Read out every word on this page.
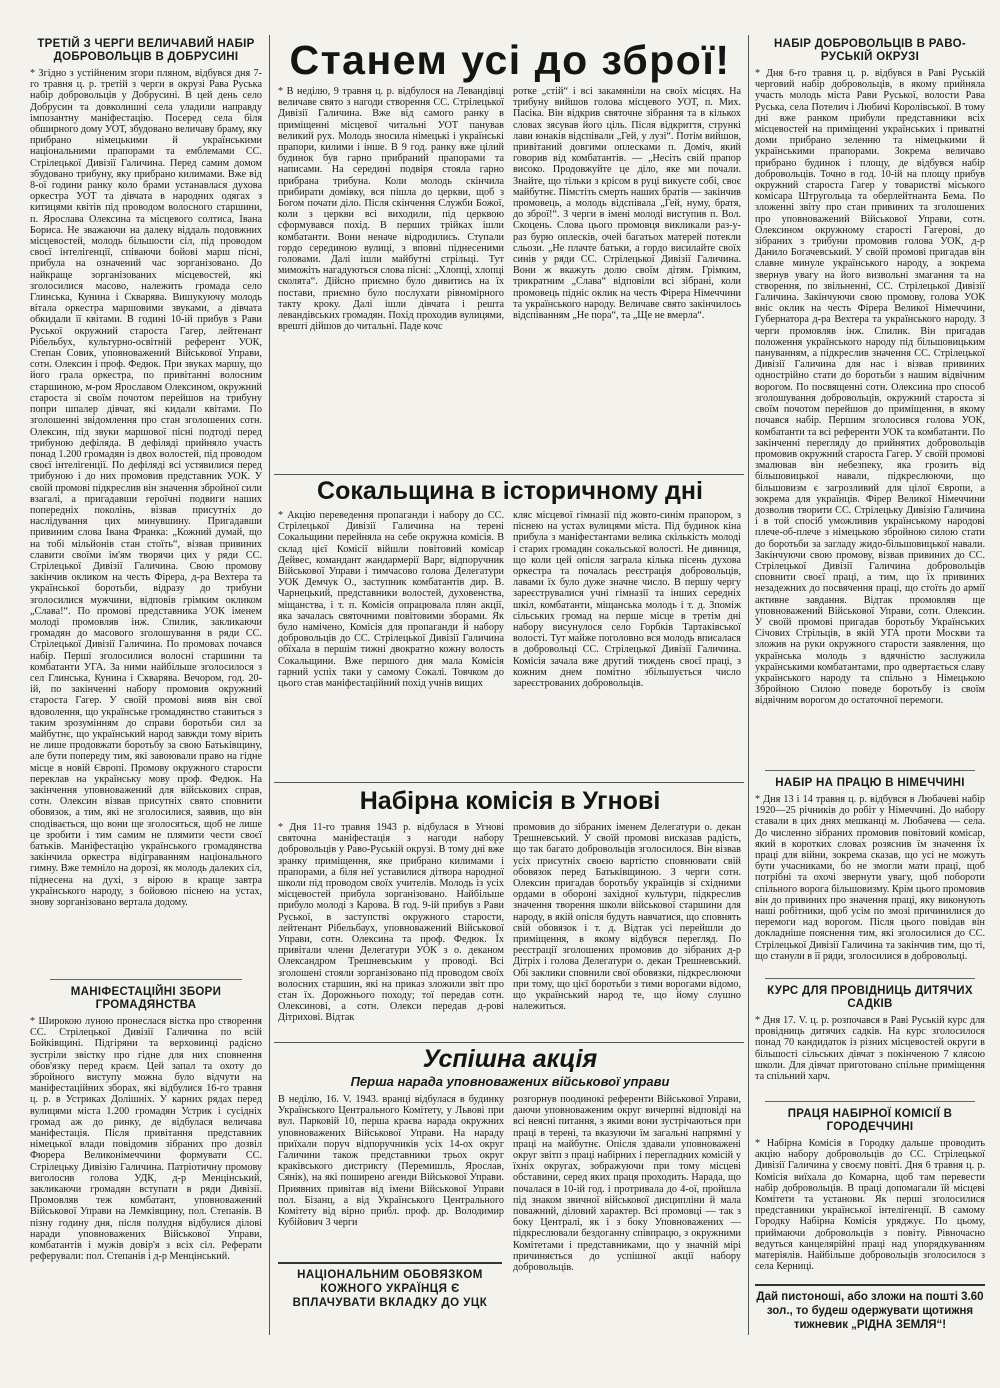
ТРЕТІЙ З ЧЕРГИ ВЕЛИЧАВИЙ НАБІР ДОБРОВОЛЬЦІВ В ДОБРУСИНІ

* Згідно з устійненим згори пляном, відбувся дня 7-го травня ц. р. третій з черги в окрузі Рава Руська набір добровольців у Добрусині. В цей день село Добрусин та довколишні села уладили направду імпозантну маніфестацію. Посеред села біля обширного дому УОТ, збудовано величаву браму, яку прибрано німецькими й українськими національними прапорами та емблемами СС. Стрілецької Дивізії Галичина. Перед самим домом збудовано трибуну, яку прибрано килимами. Вже від 8-ої години ранку коло брами устанавлася духова оркестра УОТ та дівчата в народних одягах з китицями квітів під проводом волосного старшини, п. Ярослава Олексина та місцевого солтиса, Івана Бориса. Не зважаючи на далеку віддаль подовжних місцевостей, молодь більшости сіл, під проводом своєї інтелігенції, співаючи бойові марш пісні, прибула на означений час зорганізовано. До найкраще зорганізованих місцевостей, які зголосилися масово, належить громада село Глинська, Кунина і Скварява. Вишукуючу молодь вітала оркестра маршовими звуками, а дівчата обкидали її квітами. В годині 10-ій прибув з Рави Руської окружний старостa Гагер, лейтенант Рібельбух, культурно-освітній референт УОК, Степан Совик, уповноважений Військової Управи, сотн. Олексин і проф. Федюк. При звуках маршу, що його грала оркестра, по привітанні волосним старшиною, м-ром Ярославом Олексином, окружний староста зі своїм почотом перейшов на трибуну попри шпалер дівчат, які кидали квітами. По зголошенні звідомлення про стан зголошених сотн. Олексин, під звуки маршової пісні подтоді перед трибуною дефіляда. В дефіляді прийняло участь понад 1.200 громадян із двох волостей, під проводом своєї інтелігенції. По дефіляді всі устявилися перед трибуною і до них промовив представник УОК. У своїй промові підкреслив він значення збройної сили взагалі, а пригадавши героїчні подвиги наших попередніх поколінь, візвав присутніх до наслідування цих минувшину. Пригадавши привиним слова Івана Франка: „Кожний думай, що на тобі мільйонів стан стоїть“, візвав привиних славити своїми ім'ям творячи цих у ряди СС. Стрілецької Дивізії Галичина. Свою промову закінчив окликом на честь Фірера, д-ра Вехтера та української боротьби, відразу до трибуни зголосилися мужчини, відповів грімким окликом „Слава!“. По промові представника УОК іменем молоді промовляв інж. Спилик, закликаючи громадян до масового зголошування в ряди СС. Стрілецької Дивізії Галичина. По промовах почався набір. Перші зголосилися волосні старшини та комбатанти УГА. За ними найбільше зголосилося з сел Глинська, Кунина і Скварява. Вечором, год. 20-ій, по закінченні набору промовив окружний староста Гагер. У своїй промові вияв він свої вдоволення, що українське громадянство ставиться з таким зрозумінням до справи боротьби сил за майбутнє, що український народ завжди тому вірить не лише продовжати боротьбу за свою Батьківщину, але бути попереду тим, які завоювали право на гідне місце в новій Європі. Промову окружного старости переклав на українську мову проф. Федюк. На закінчення уповноважений для військових справ, сотн. Олексин візвав присутніх свято сповнити обовязок, а тим, які не зголосилися, заявив, що він сподівається, що вони ще зголосяться, щоб не лише це зробити і тим самим не плямити чести своєї батьків. Маніфестацію українського громадянства закінчила оркестра відіграванням національного гимну. Вже темніло на дорозі, як молодь далеких сіл, піднесена на духі, з вірою в краще завтра українського народу, з бойовою піснею на устах, знову зорганізовано вертала додому.

МАНІФЕСТАЦІЙНІ ЗБОРИ ГРОМАДЯНСТВА

* Широкою луною пронеслася вістка про створення СС. Стрілецької Дивізії Галичина по всій Бойківщині. Підгіряни та верховинці радісно зустріли звістку про гідне для них сповнення обов'язку перед краєм. Цей запал та охоту до збройного виступу можна було відчути на маніфестаційних зборах, які відбулися 16-го травня ц. р. в Устриках Долішніх. У карних рядах перед вулицями міста 1.200 громадян Устрик і сусідніх громад аж до ринку, де відбулася величава маніфестація. Після привітання представник німецької влади повідомив зібраних про дозвіл Фюрера Великонімеччини формувати СС. Стрілецьку Дивізію Галичина. Патріотичну промову виголосив голова УДК, д-р Менцінський, закликаючи громадян вступати в ряди Дивізії. Промовляв теж комбатант, уповноважений Військової Управи на Лемківщину, пол. Степанів. В пізну годину дня, після полудня відбулися ділові наради уповноважених Військової Управи, комбатантів і мужів довір'я з всіх сіл. Реферати реферували: пол. Степанів і д-р Менцінський.

Станем усі до зброї!

* В неділю, 9 травня ц. р. відбулося на Левандівці величаве свято з нагоди створення СС. Стрілецької Дивізії Галичина. Вже від самого ранку в приміщенні місцевої читальні УОТ панував великий рух. Молодь зносила німецькі і українські прапори, килими і інше. В 9 год. ранку вже цілий будинок був гарно прибраний прапорами та написами. На середині подвіря стояла гарно прибрана трибуна. Коли молодь скінчила прибирати домівку, вся пішла до церкви, щоб з Богом почати діло. Після скінчення Служби Божої, коли з церкви всі виходили, під церквою сформувався похід. В перших трійках ішли комбатанти. Вони неначе відродились. Ступали гордо серединою вулиці, з вповні піднесеними головами. Далі ішли майбутні стрільці. Тут миможіть нагадуються слова пісні: „Хлопці, хлопці сколята“. Дійсно приємно було дивитись на їх постави, приємно було послухати рівномірного такту кроку. Далі ішли дівчата і решта левандівських громадян. Похід проходив вулицями, врешті дійшов до читальні. Паде кочс

ротке „стій“ і всі закамяніли на своїх місцях. На трибуну вийшов голова місцевого УОТ, п. Мих. Пасіка. Він відкрив святочне зібрання та в кількох словах зясував його ціль. Після відкриття, стрункі лави юнаків відспівали „Гей, у лузі“. Потім вийшов, привітаний довгими оплесками п. Доміч, який говорив від комбатантів. — „Несіть свій прапор високо. Продовжуйте це діло, яке ми почали. Знайте, що тільки з крісом в руці викуєте собі, своє майбутнє. Пімстіть смерть наших братів — закінчив промовець, а молодь відспівала „Гей, нуму, братя, до зброї!“. З черги в імені молоді виступив п. Вол. Скоцень. Слова цього промовця викликали раз-у-раз бурю оплесків, очей багатьох матерей потекли сльози. „Не плачте батьки, а гордо висилайте своїх синів у ряди СС. Стрілецької Дивізії Галичина. Вони ж вкажуть долю своїм дітям. Грімким, трикратним „Слава“ відповіли всі зібрані, коли промовець підніс оклик на честь Фірера Німеччини та українського народу. Величаве свято закінчилось відспіванням „Не пора“, та „Ще не вмерла“.

Сокальщина в історичному дні

* Акцію переведення пропаганди і набору до СС. Стрілецької Дивізії Галичина на терені Сокальщини перейняла на себе окружна комісія. В склад цієї Комісії війшли повітовий комісар Дейвес, командант жандармерії Варг, відпоручник Військової Управи і тимчасово голова Делегатури УОК Демчук О., заступник комбатантів дир. В. Чарнецький, представники волостей, духовенства, міщанства, і т. п. Комісія опрацювала плян акції, яка зачалась святочними повітовими зборами. Як було намічено, Комісія для пропаганди й набору добровольців до СС. Стрілецької Дивізії Галичина обїхала в першім тижні двократно кожну волость Сокальщини. Вже першого дня мала Комісія гарний успіх таки у самому Сокалі. Товчком до цього став маніфестаційний похід учнів вищих

кляс місцевої гімназії під жовто-синім прапором, з піснею на устах вулицями міста. Під будинок кіна прибула з маніфестантами велика скількість молоді і старих громадян сокальської волості. Не дивниця, що коли цей опісля заграла кілька пісень духова оркестра та почалась реєстрація добровольців, лавами їх було дуже значне число. В першу чергу зареєструвалися учні гімназії та інших середніх шкіл, комбатанти, міщанська молодь і т. д. Зпоміж сільських громад на перше місце в третім дні набору висунулося село Горбків Тартаківської волості. Тут майже поголовно вся молодь вписалася в добровольці СС. Стрілецької Дивізії Галичина. Комісія зачала вже другий тиждень своєї праці, з кожним днем помітно збільшується число зареєстрованих добровольців.

Набірна комісія в Угнові

* Дня 11-го травня 1943 р. відбулася в Угнові святочна маніфестація з нагоди набору добровольців у Раво-Руській окрузі. В тому дні вже зранку приміщення, яке прибрано килимами і прапорами, а біля неї уставилися дітвора народної школи під проводом своїх учителів. Молодь із усіх місцевостей прибула зорганізовано. Найбільше прибуло молоді з Карова. В год. 9-ій прибув з Рави Руської, в заступстві окружного старости, лейтенант Рібельбаух, уповноважений Військової Управи, сотн. Олексина та проф. Федюк. Їх привітали члени Делегатури УОК з о. деканом Олександром Трешневським у проводі. Всі зголошені стояли зорганізовано під проводом своїх волосних старшин, які на приказ зложили звіт про стан їх. Дорожнього походу; тої передав сотн. Олексинові, а сотн. Олекси передав д-рові Дітрихові. Відтак

промовив до зібраних іменем Делегатури о. декан Трешневський. У своїй промові висказав радість, що так багато добровольців зголосилося. Він візвав усіх присутніх своєю вартістю сповнювати свій обовязок перед Батьківщиною. З черги сотн. Олексин пригадав боротьбу українців зі східними ордами в обороні західної культури, підкреслив значення творення школи військової старшини для народу, в якій опісля будуть навчатися, що сповнять свій обовязок і т. д. Відтак усі перейшли до приміщення, в якому відбувся перегляд. По реєстрації зголошених промовив до зібраних д-р Дітріх і голова Делегатури о. декан Трешневський. Обі заклики сповнили свої обовязки, підкреслюючи при тому, що цієї боротьби з тими ворогами відомо, що український народ те, що йому слушно належиться.

Успішна акція
Перша нарада уповноважених військової управи

В неділю, 16. V. 1943. вранці відбулася в будинку Українського Центрального Комітету, у Львові при вул. Парковій 10, перша краєва нарада окружних уповноважених Військової Управи. На нараду приїхали поруч відпоручників усіх 14-ох округ Галичини також представники трьох округ краківського дистрикту (Перемишль, Ярослав, Сянік), на які поширено агенди Військової Управи. Приявних привітав від імени Військової Управи пол. Бізанц, а від Українського Центрального Комітету від вірно прибл. проф. др. Володимир Кубійович 3 черги

розгорнув поодинокі референти Військової Управи, даючи уповноваженим округ вичерпні відповіді на всі неясні питання, з якими вони зустрічаються при праці в терені, та вказуючи їм загальні напрямні у праці на майбутнє. Опісля здавали уповноважені округ звітп з праці набірних і перегладних комісій у їхніх округах, зображуючи при тому місцеві обставини, серед яких праця проходить. Нарада, що почалася в 10-ій год. і протривала до 4-ої, пройшла під знаком звичної військової дисципліни й мала поважний, діловий характер. Всі промовці — так з боку Централі, як і з боку Уповноважених — підкреслювали бездоганну співпрацю, з окружними Комітетами і представниками, що у значній мірі причиняється до успішної акції набору добровольців.

НАЦІОНАЛЬНИМ ОБОВЯЗКОМ КОЖНОГО УКРАЇНЦЯ Є ВПЛАЧУВАТИ ВКЛАДКУ ДО УЦК
НАБІР ДОБРОВОЛЬЦІВ В РАВО-РУСЬКІЙ ОКРУЗІ

* Дня 6-го травня ц. р. відбувся в Раві Руській черговий набір добровольців, в якому прийняла участь молодь міста Рави Руської, волости Рава Руська, села Потелич і Любичі Королівської. В тому дні вже ранком прибули представники всіх місцевостей на приміщенні українських і приватні доми прибрано зеленню та німецькими й українськими прапорами. Зокрема величаво прибрано будинок і площу, де відбувся набір добровольців. Точно в год. 10-ій на площу прибув окружний староста Гагер у товаристві міського комісара Штругольца та оберлейтнанта Бема. По зложенні звіту про стан привиних та зголошених про уповноважений Військової Управи, сотн. Олексином окружному старості Гагерові, до зібраних з трибуни промовив голова УОК, д-р Данило Богачевський. У своїй промові пригадав він славне минуле українського народу, а зокрема звернув увагу на його визвольні змагання та на створення, по звільненні, СС. Стрілецької Дивізії Галичина. Закінчуючи свою промову, голова УОК вніс оклик на честь Фірера Великої Німеччини, Губернатора д-ра Вехтера та українського народу. З черги промовляв інж. Спилик. Він пригадав положення українського народу під більшовицьким пануванням, а підкреслив значення СС. Стрілецької Дивізії Галичина для нас і візвав привиних однострійно стати до боротьби з нашим відвічним ворогом. По посвященні сотн. Олексина про способ зголошування добровольців, окружний староста зі своїм почотом перейшов до приміщення, в якому почався набір. Першим зголосився голова УОК, комбатанти та всі референти УОК та комбатанти. По закінченні перегляду до прийнятих добровольців промовив окружний староста Гагер. У своїй промові змалював він небезпеку, яка грозить від більшовицької навали, підкреслюючи, що більшовизм є загрозливий для цілої Європи, а зокрема для українців. Фірер Великої Німеччини дозволив творити СС. Стрілецьку Дивізію Галичина і в той спосіб уможливив українському народові плече-об-плече з німецькою збройною силою стати до боротьби за загладу жидо-більшовицької навали. Закінчуючи свою промову, візвав привиних до СС. Стрілецької Дивізії Галичина добровольців сповнити своєї праці, а тим, що їх привиних незадежних до посвячення праці, що стоїть до армії активне завдання. Відтак промовляв ще уповноважений Військової Управи, сотн. Олексин. У своїй промові пригадав боротьбу Українських Січових Стрільців, в якій УГА проти Москви та зложив на руки окружного старости заявлення, що українська молодь з вдячністю заслужила українськими комбатантами, про одвертається славу українського народу та спільно з Німецькою Збройною Силою поведе боротьбу із своїм відвічним ворогом до остаточної перемоги.

НАБІР НА ПРАЦЮ В НІМЕЧЧИНІ

* Дня 13 і 14 травня ц. р. відбувся в Любачеві набір 1920—25 річників до робіт у Німеччині. До набору ставали в цих днях мешканці м. Любачева — села. До численно зібраних промовив повітовий комісар, який в коротких словах розяснив їм значення їх праці для війни, зокрема сказав, що усі не можуть бути учасниками, бо не змогли мати праці, щоб потрібні та охочі звернути увагу, щоб побороти спільного ворога більшовизму. Крім цього промовив він до привиних про значення праці, яку виконують наші робітники, щоб усім по змозі причинилися до перемоги над ворогом. Після цього повідав він докладніше пояснення тим, які зголосилися до СС. Стрілецької Дивізії Галичина та закінчив тим, що ті, що станули в її ряди, зголосилися в добровольці.

КУРС ДЛЯ ПРОВІДНИЦЬ ДИТЯЧИХ САДКІВ

* Дня 17. V. ц. р. розпочався в Раві Руській курс для провідниць дитячих садків. На курс зголосилося понад 70 кандидаток із різних місцевостей округи в більшості сільських дівчат з покінченою 7 клясою школи. Для дівчат приготовано спільне приміщення та спільний харч.

ПРАЦЯ НАБІРНОЇ КОМІСІЇ В ГОРОДЕЧЧИНІ

* Набірна Комісія в Городку дальше проводить акцію набору добровольців до СС. Стрілецької Дивізії Галичина у своєму повіті. Дня 6 травня ц. р. Комісія виїхала до Комарна, щоб там перевести набір добровольців. В праці допомагали їй місцеві Комітети та установи. Як перші зголосилися представники української інтелігенції. В самому Городку Набірна Комісія уряджує. По цьому, приймаючи добровольців з повіту. Рівночасно ведуться канцелярійні праці над упорядкуванням матеріялів. Найбільше добровольців зголосилося з села Керниці.

Дай пистоноші, або зложи на пошті 3.60 зол., то будеш одержувати щотижня тижневик „РІДНА ЗЕМЛЯ“!
